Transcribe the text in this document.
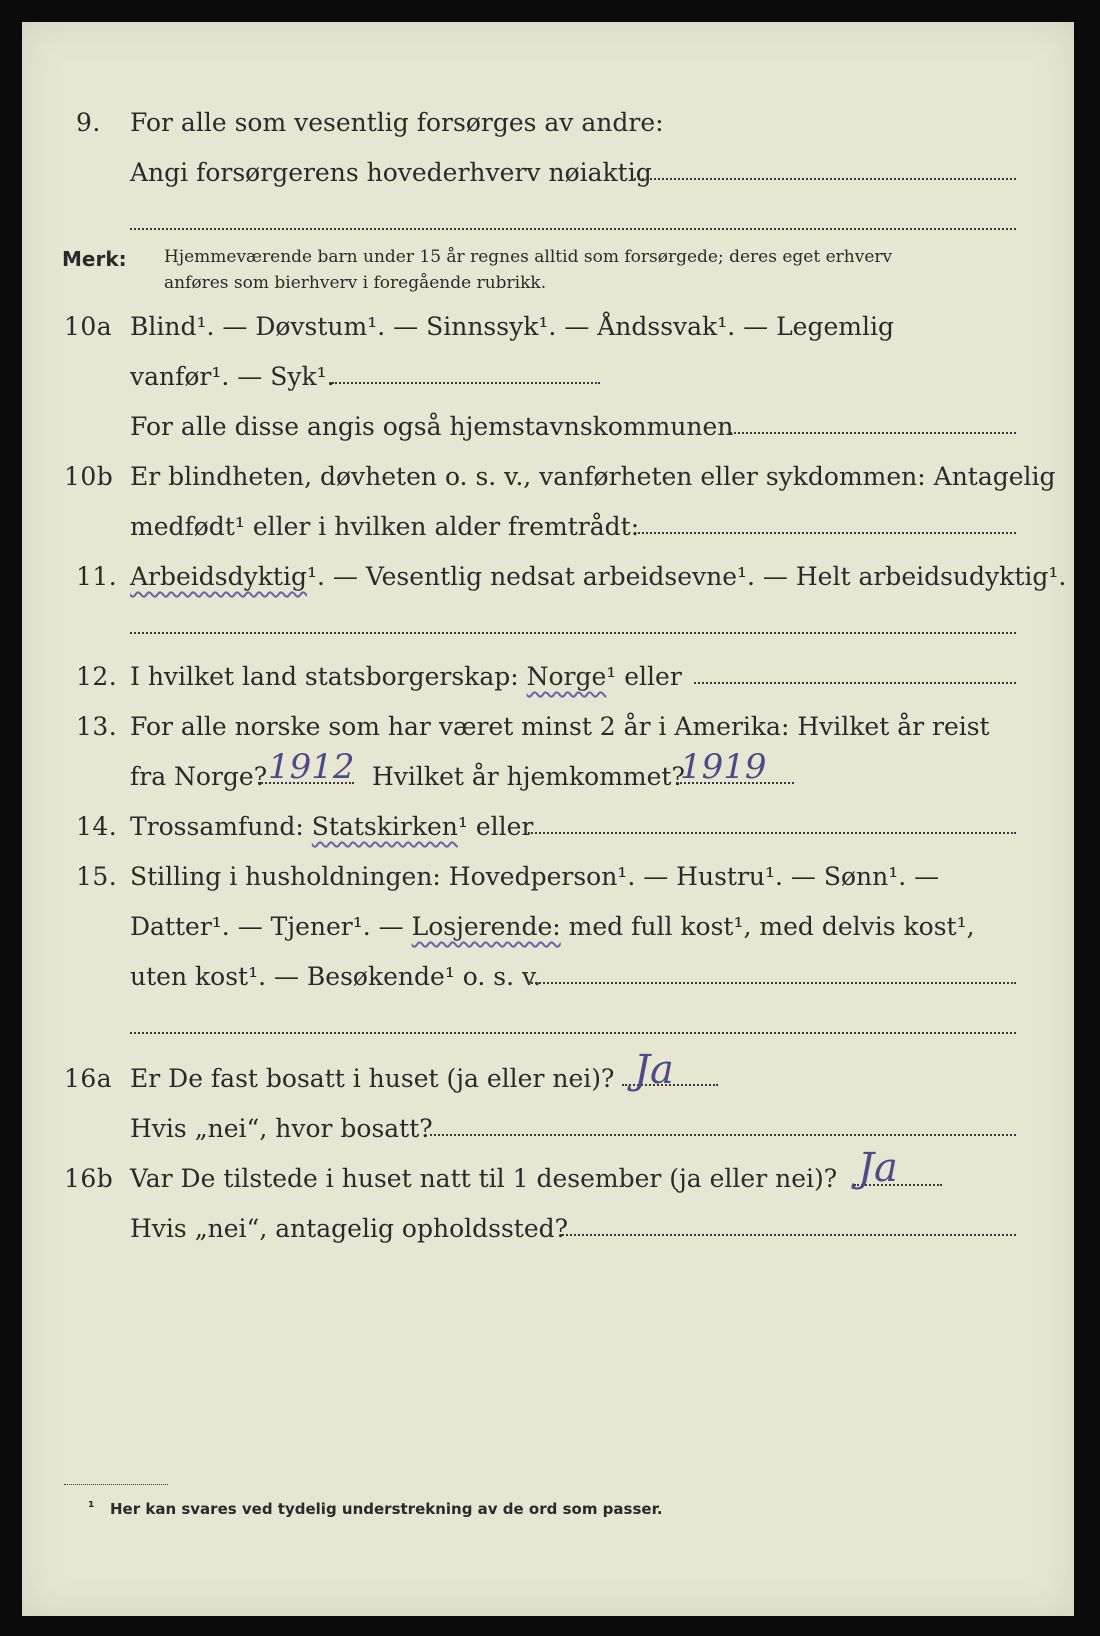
9. For alle som vesentlig forsørges av andre:
Angi forsørgerens hovederhverv nøiaktig
Merk: Hjemmeværende barn under 15 år regnes alltid som forsørgede; deres eget erhverv
anføres som bierhverv i foregående rubrikk.
10a Blind¹. — Døvstum¹. — Sinnssyk¹. — Åndssvak¹. — Legemlig
vanfør¹. — Syk¹.
For alle disse angis også hjemstavnskommunen
10b Er blindheten, døvheten o. s. v., vanførheten eller sykdommen: Antagelig
medfødt¹ eller i hvilken alder fremtrådt:
11. Arbeidsdyktig¹. — Vesentlig nedsat arbeidsevne¹. — Helt arbeidsudyktig¹.
12. I hvilket land statsborgerskap: Norge¹ eller
13. For alle norske som har været minst 2 år i Amerika: Hvilket år reist
fra Norge? 1912 Hvilket år hjemkommet?
1919
14. Trossamfund: Statskirken¹ eller
15. Stilling i husholdningen: Hovedperson¹. — Hustru¹. — Sønn¹. —
Datter¹. — Tjener¹. — Losjerende: med full kost¹, med delvis kost¹,
uten kost¹. — Besøkende¹ o. s. v.
16a Er De fast bosatt i huset (ja eller nei)? Ja
Hvis „nei“, hvor bosatt?
16b Var De tilstede i huset natt til 1 desember (ja eller nei)? Ja
Hvis „nei“, antagelig opholdssted?
¹ Her kan svares ved tydelig understrekning av de ord som passer.
